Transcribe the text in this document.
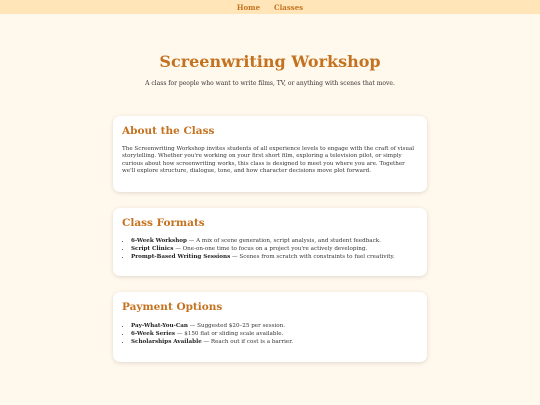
Home Classes
Screenwriting Workshop

A class for people who want to write films, TV, or anything with scenes that move.

About the Class

The Screenwriting Workshop invites students of all experience levels to engage with the craft of visual storytelling. Whether you're working on your first short film, exploring a television pilot, or simply curious about how screenwriting works, this class is designed to meet you where you are. Together we'll explore structure, dialogue, tone, and how character decisions move plot forward.

Class Formats
• 6-Week Workshop — A mix of scene generation, script analysis, and student feedback.
• Script Clinics — One-on-one time to focus on a project you're actively developing.
• Prompt-Based Writing Sessions — Scenes from scratch with constraints to fuel creativity.
Payment Options
• Pay-What-You-Can — Suggested $20–25 per session.
• 6-Week Series — $150 flat or sliding scale available.
• Scholarships Available — Reach out if cost is a barrier.
